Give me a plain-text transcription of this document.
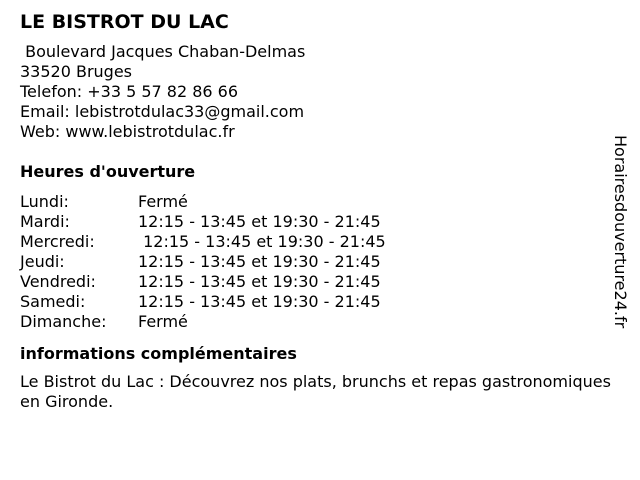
LE BISTROT DU LAC
Boulevard Jacques Chaban-Delmas
33520 Bruges
Telefon: +33 5 57 82 86 66
Email: lebistrotdulac33@gmail.com
Web: www.lebistrotdulac.fr
Heures d'ouverture
Lundi:	Fermé
Mardi:	12:15 - 13:45 et 19:30 - 21:45
Mercredi:	12:15 - 13:45 et 19:30 - 21:45
Jeudi:	12:15 - 13:45 et 19:30 - 21:45
Vendredi:	12:15 - 13:45 et 19:30 - 21:45
Samedi:	12:15 - 13:45 et 19:30 - 21:45
Dimanche:	Fermé
informations complémentaires
Le Bistrot du Lac : Découvrez nos plats, brunchs et repas gastronomiques en Gironde.
Horairesdouverture24.fr
